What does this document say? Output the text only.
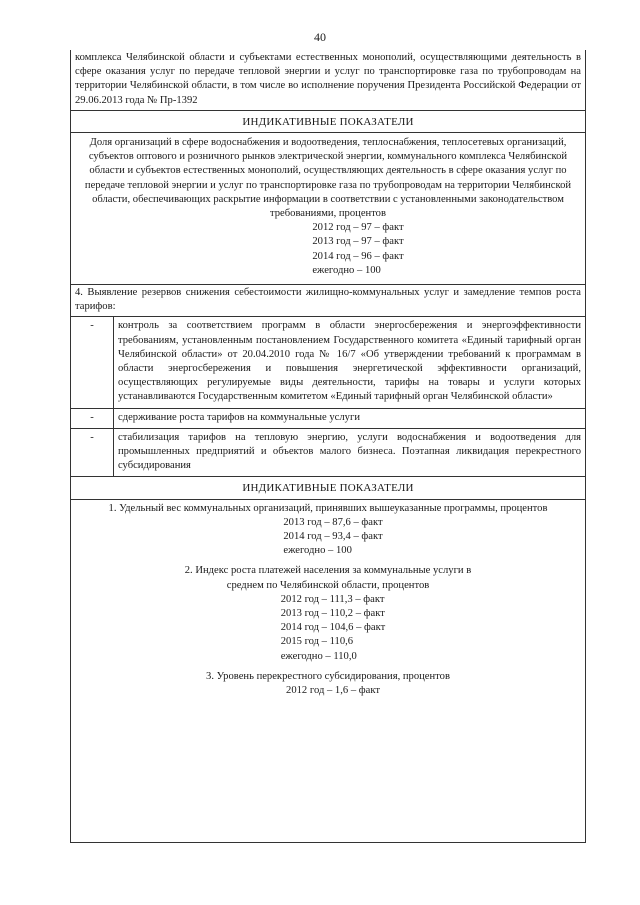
40
комплекса Челябинской области и субъектами естественных монополий, осуществляющими деятельность в сфере оказания услуг по передаче тепловой энергии и услуг по транспортировке газа по трубопроводам на территории Челябинской области, в том числе во исполнение поручения Президента Российской Федерации от 29.06.2013 года № Пр-1392
ИНДИКАТИВНЫЕ ПОКАЗАТЕЛИ
Доля организаций в сфере водоснабжения и водоотведения, теплоснабжения, теплосетевых организаций, субъектов оптового и розничного рынков электрической энергии, коммунального комплекса Челябинской области и субъектов естественных монополий, осуществляющих деятельность в сфере оказания услуг по передаче тепловой энергии и услуг по транспортировке газа по трубопроводам на территории Челябинской области, обеспечивающих раскрытие информации в соответствии с установленными законодательством требованиями, процентов
2012 год – 97 – факт
2013 год – 97 – факт
2014 год – 96 – факт
ежегодно – 100
4. Выявление резервов снижения себестоимости жилищно-коммунальных услуг и замедление темпов роста тарифов:
-	контроль за соответствием программ в области энергосбережения и энергоэффективности требованиям, установленным постановлением Государственного комитета «Единый тарифный орган Челябинской области» от 20.04.2010 года № 16/7 «Об утверждении требований к программам в области энергосбережения и повышения энергетической эффективности организаций, осуществляющих регулируемые виды деятельности, тарифы на товары и услуги которых устанавливаются Государственным комитетом «Единый тарифный орган Челябинской области»
-	сдерживание роста тарифов на коммунальные услуги
-	стабилизация тарифов на тепловую энергию, услуги водоснабжения и водоотведения для промышленных предприятий и объектов малого бизнеса. Поэтапная ликвидация перекрестного субсидирования
ИНДИКАТИВНЫЕ ПОКАЗАТЕЛИ
1. Удельный вес коммунальных организаций, принявших вышеуказанные программы, процентов
2013 год – 87,6 – факт
2014 год – 93,4 – факт
ежегодно – 100
2. Индекс роста платежей населения за коммунальные услуги в среднем по Челябинской области, процентов
2012 год – 111,3 – факт
2013 год – 110,2 – факт
2014 год – 104,6 – факт
2015 год – 110,6
ежегодно – 110,0
3. Уровень перекрестного субсидирования, процентов
2012 год – 1,6 – факт
